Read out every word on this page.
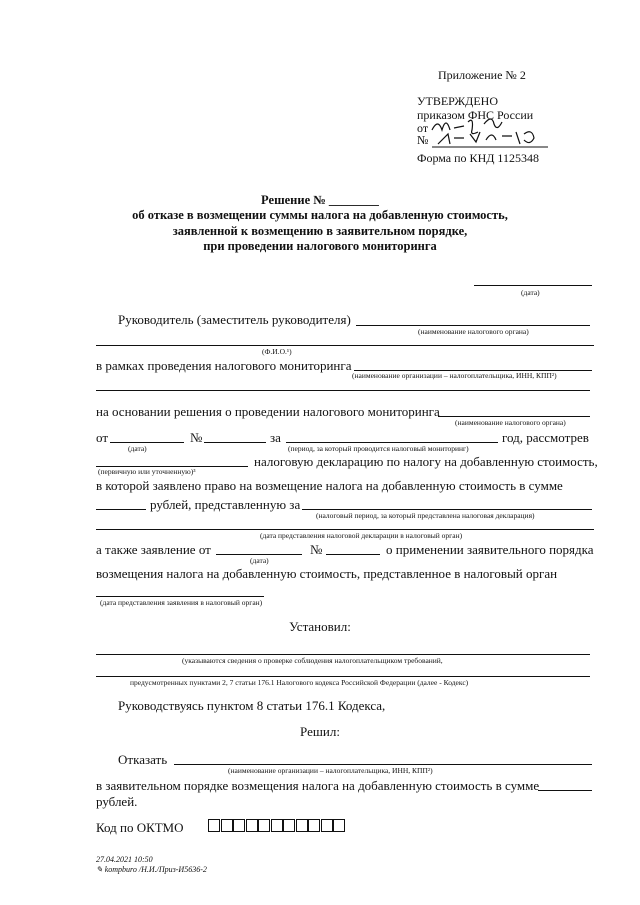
Приложение № 2
УТВЕРЖДЕНО
приказом ФНС России
от
№
Форма по КНД 1125348
Решение № ________
об отказе в возмещении суммы налога на добавленную стоимость,
заявленной к возмещению в заявительном порядке,
при проведении налогового мониторинга
(дата)
Руководитель (заместитель руководителя)
(наименование налогового органа)
(Ф.И.О.¹)
в рамках проведения налогового мониторинга
(наименование организации – налогоплательщика, ИНН, КПП²)
на основании решения о проведении налогового мониторинга
(наименование налогового органа)
от	№	за	год, рассмотрев
(дата)	(период, за который проводится налоговый мониторинг)
налоговую декларацию по налогу на добавленную стоимость,
(первичную или уточненную)³
в которой заявлено право на возмещение налога на добавленную стоимость в сумме
рублей, представленную за
(налоговый период, за который представлена налоговая декларация)
(дата представления налоговой декларации в налоговый орган)
а также заявление от	№	о применении заявительного порядка
(дата)
возмещения налога на добавленную стоимость, представленное в налоговый орган
(дата представления заявления в налоговый орган)
Установил:
(указываются сведения о проверке соблюдения налогоплательщиком требований,
предусмотренных пунктами 2, 7 статьи 176.1 Налогового кодекса Российской Федерации (далее - Кодекс)
Руководствуясь пунктом 8 статьи 176.1 Кодекса,
Решил:
Отказать
(наименование организации – налогоплательщика, ИНН, КПП²)
в заявительном порядке возмещения налога на добавленную стоимость в сумме
рублей.
Код по ОКТМО
27.04.2021 10:50
✎ kompburo /Н.И./Приз-И5636-2
